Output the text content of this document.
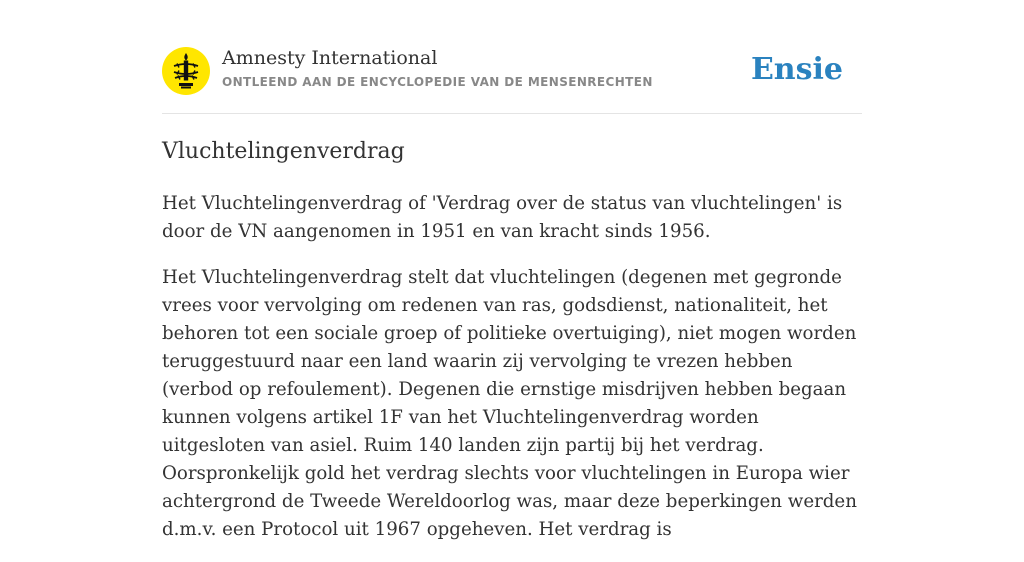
Amnesty International
ONTLEEND AAN DE ENCYCLOPEDIE VAN DE MENSENRECHTEN	Ensie
Vluchtelingenverdrag

Het Vluchtelingenverdrag of 'Verdrag over de status van vluchtelingen' is door de VN aangenomen in 1951 en van kracht sinds 1956.

Het Vluchtelingenverdrag stelt dat vluchtelingen (degenen met gegronde vrees voor vervolging om redenen van ras, godsdienst, nationaliteit, het behoren tot een sociale groep of politieke overtuiging), niet mogen worden teruggestuurd naar een land waarin zij vervolging te vrezen hebben (verbod op refoulement). Degenen die ernstige misdrijven hebben begaan kunnen volgens artikel 1F van het Vluchtelingenverdrag worden uitgesloten van asiel. Ruim 140 landen zijn partij bij het verdrag. Oorspronkelijk gold het verdrag slechts voor vluchtelingen in Europa wier achtergrond de Tweede Wereldoorlog was, maar deze beperkingen werden d.m.v. een Protocol uit 1967 opgeheven. Het verdrag is
